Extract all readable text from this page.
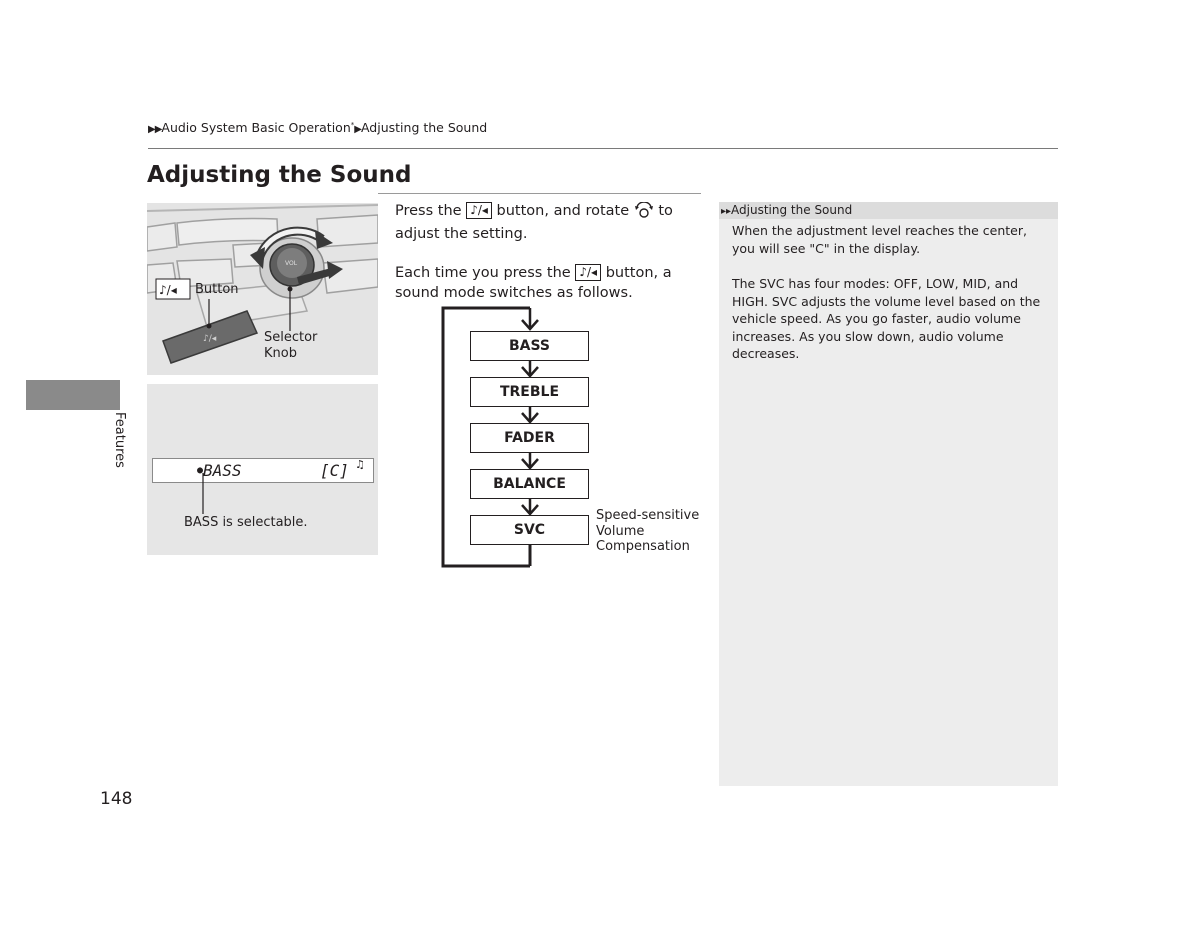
▶▶Audio System Basic Operation*▶Adjusting the Sound
Adjusting the Sound
Features
♪/◂
VOL
♪/◂ Button
Selector
Knob
●BASS	[C] ♫
BASS is selectable.
Press the ♪/◂ button, and rotate to adjust the setting.
Each time you press the ♪/◂ button, a sound mode switches as follows.
BASS
TREBLE
FADER
BALANCE
SVC
Speed-sensitive
Volume
Compensation
▸▸Adjusting the Sound
When the adjustment level reaches the center, you will see "C" in the display.
The SVC has four modes: OFF, LOW, MID, and HIGH. SVC adjusts the volume level based on the vehicle speed. As you go faster, audio volume increases. As you slow down, audio volume decreases.
148
